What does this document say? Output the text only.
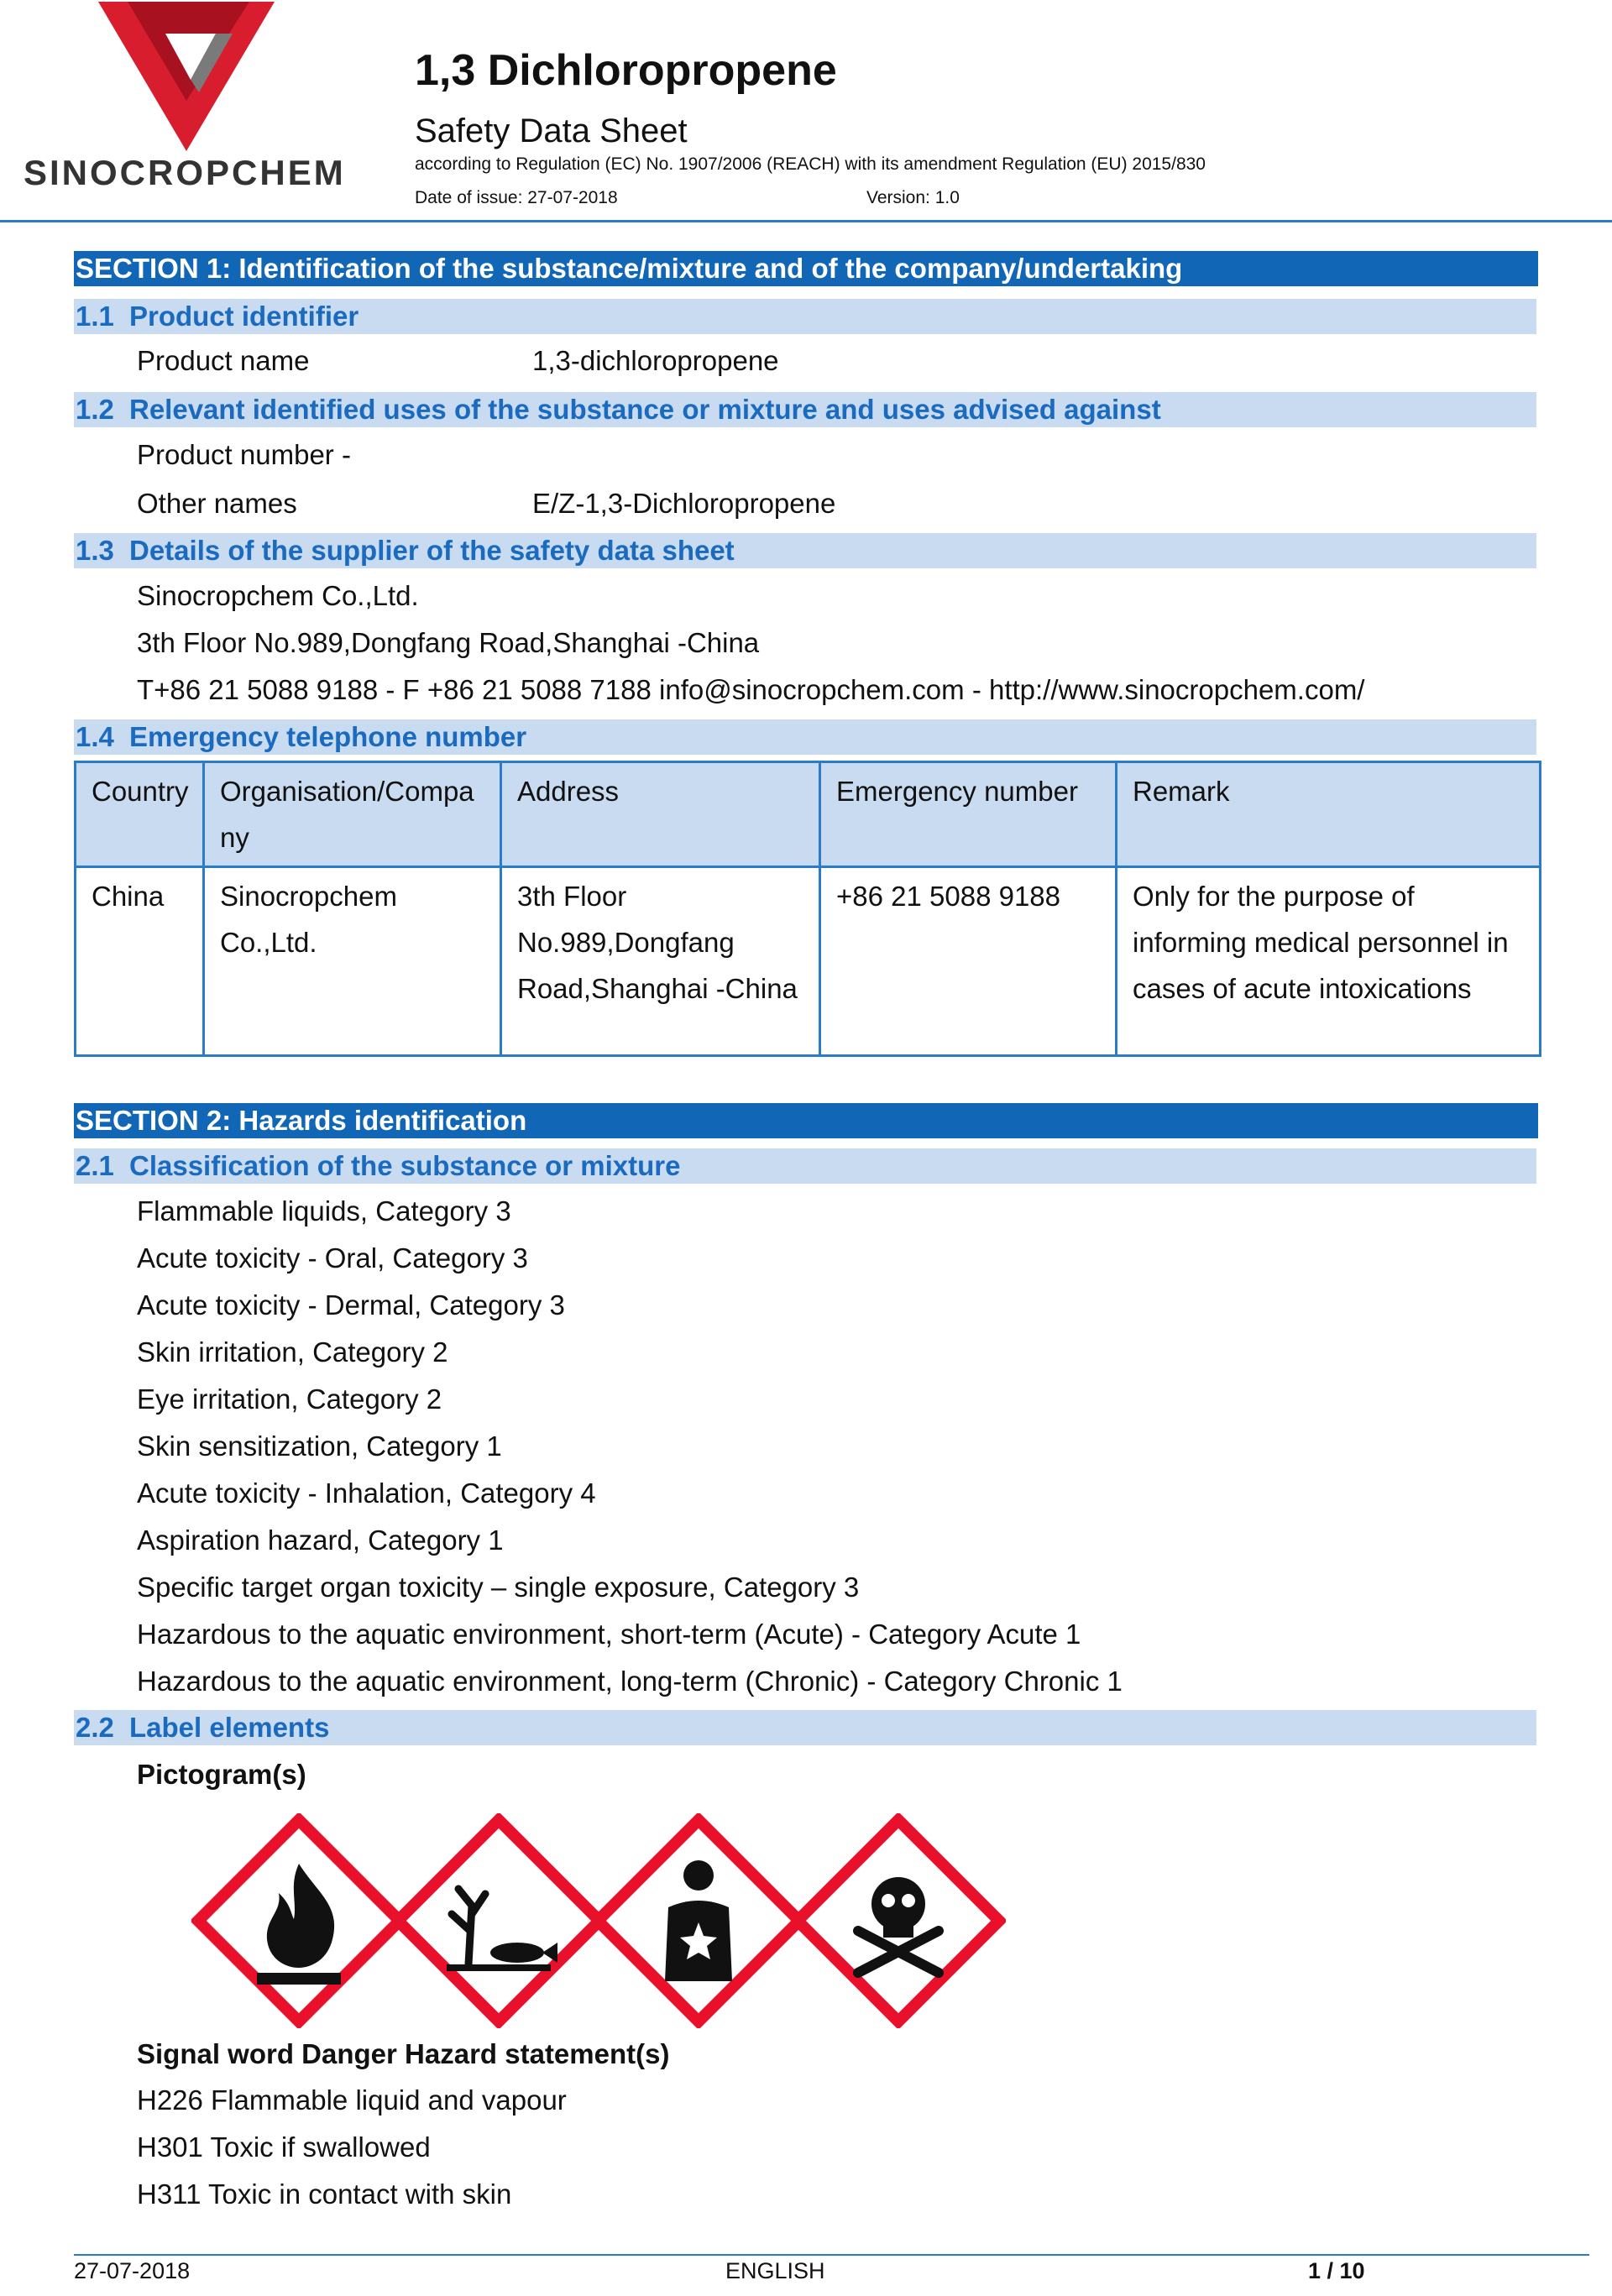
SINOCROPCHEM
1,3 Dichloropropene
Safety Data Sheet
according to Regulation (EC) No. 1907/2006 (REACH) with its amendment Regulation (EU) 2015/830
Date of issue: 27-07-2018	Version: 1.0
SECTION 1: Identification of the substance/mixture and of the company/undertaking
1.1 Product identifier
Product name	1,3-dichloropropene
1.2 Relevant identified uses of the substance or mixture and uses advised against
Product number -
Other names	E/Z-1,3-Dichloropropene
1.3 Details of the supplier of the safety data sheet
Sinocropchem Co.,Ltd.
3th Floor No.989,Dongfang Road,Shanghai -China
T+86 21 5088 9188 - F +86 21 5088 7188 info@sinocropchem.com - http://www.sinocropchem.com/
1.4 Emergency telephone number
Country	Organisation/Compa ny	Address	Emergency number	Remark
China	Sinocropchem Co.,Ltd.	3th Floor No.989,Dongfang Road,Shanghai -China	+86 21 5088 9188	Only for the purpose of informing medical personnel in cases of acute intoxications
SECTION 2: Hazards identification
2.1 Classification of the substance or mixture
Flammable liquids, Category 3
Acute toxicity - Oral, Category 3
Acute toxicity - Dermal, Category 3
Skin irritation, Category 2
Eye irritation, Category 2
Skin sensitization, Category 1
Acute toxicity - Inhalation, Category 4
Aspiration hazard, Category 1
Specific target organ toxicity – single exposure, Category 3
Hazardous to the aquatic environment, short-term (Acute) - Category Acute 1
Hazardous to the aquatic environment, long-term (Chronic) - Category Chronic 1
2.2 Label elements
Pictogram(s)
Signal word Danger Hazard statement(s)
H226 Flammable liquid and vapour
H301 Toxic if swallowed
H311 Toxic in contact with skin
27-07-2018	ENGLISH	1 / 10
